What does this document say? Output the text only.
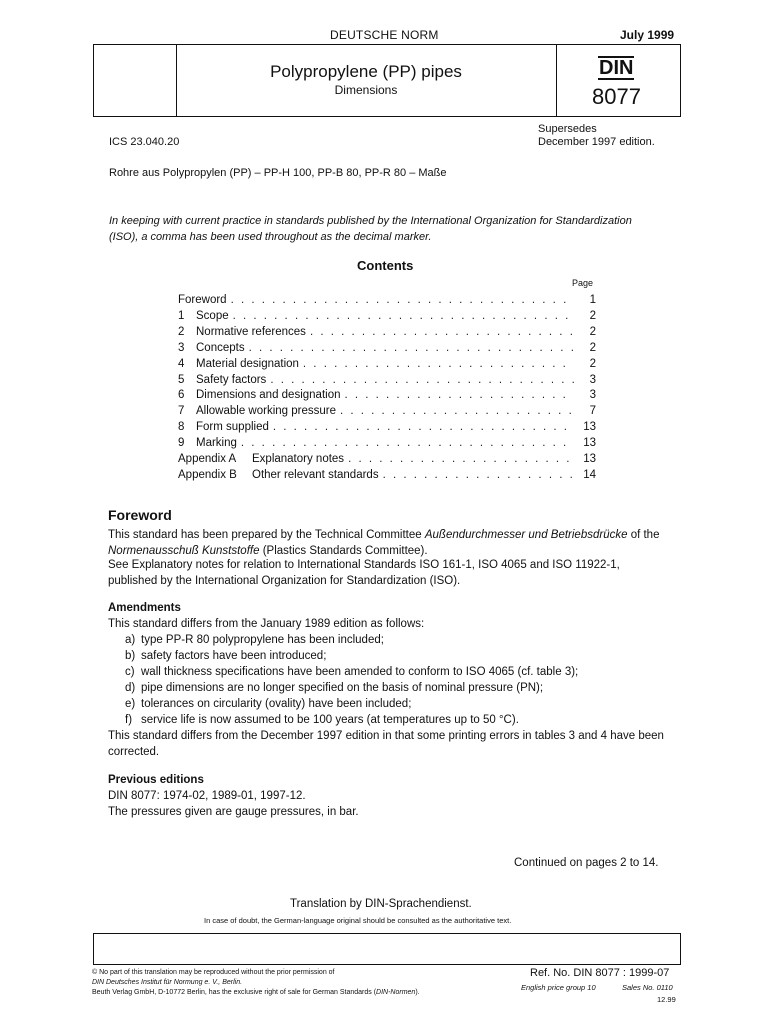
DEUTSCHE NORM	July 1999
Polypropylene (PP) pipes
Dimensions
DIN
8077
ICS 23.040.20
Supersedes
December 1997 edition.
Rohre aus Polypropylen (PP) – PP-H 100, PP-B 80, PP-R 80 – Maße
In keeping with current practice in standards published by the International Organization for Standardization (ISO), a comma has been used throughout as the decimal marker.
Contents
Page
Foreword . . .	1
1	Scope . . .	2
2	Normative references . . .	2
3	Concepts . . .	2
4	Material designation . . .	2
5	Safety factors . . .	3
6	Dimensions and designation . . .	3
7	Allowable working pressure . . .	7
8	Form supplied . . .	13
9	Marking . . .	13
Appendix A	Explanatory notes . . .	13
Appendix B	Other relevant standards . . .	14
Foreword
This standard has been prepared by the Technical Committee Außendurchmesser und Betriebsdrücke of the Normenausschuß Kunststoffe (Plastics Standards Committee).
See Explanatory notes for relation to International Standards ISO 161-1, ISO 4065 and ISO 11922-1, published by the International Organization for Standardization (ISO).
Amendments
This standard differs from the January 1989 edition as follows:
a) type PP-R 80 polypropylene has been included;
b) safety factors have been introduced;
c) wall thickness specifications have been amended to conform to ISO 4065 (cf. table 3);
d) pipe dimensions are no longer specified on the basis of nominal pressure (PN);
e) tolerances on circularity (ovality) have been included;
f) service life is now assumed to be 100 years (at temperatures up to 50 °C).
This standard differs from the December 1997 edition in that some printing errors in tables 3 and 4 have been corrected.
Previous editions
DIN 8077: 1974-02, 1989-01, 1997-12.
The pressures given are gauge pressures, in bar.
Continued on pages 2 to 14.
Translation by DIN-Sprachendienst.
In case of doubt, the German-language original should be consulted as the authoritative text.
© No part of this translation may be reproduced without the prior permission of
DIN Deutsches Institut für Normung e. V., Berlin.
Beuth Verlag GmbH, D-10772 Berlin, has the exclusive right of sale for German Standards (DIN-Normen).
Ref. No. DIN 8077 : 1999-07
English price group 10	Sales No. 0110
12.99
